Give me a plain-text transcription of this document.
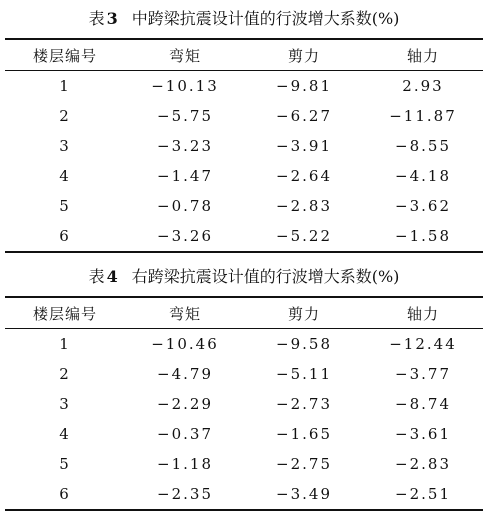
表 3 中跨梁抗震设计值的行波增大系数(%)
楼层编号	弯矩	剪力	轴力
1	−10.13	−9.81	2.93
2	−5.75	−6.27	−11.87
3	−3.23	−3.91	−8.55
4	−1.47	−2.64	−4.18
5	−0.78	−2.83	−3.62
6	−3.26	−5.22	−1.58
表 4 右跨梁抗震设计值的行波增大系数(%)
楼层编号	弯矩	剪力	轴力
1	−10.46	−9.58	−12.44
2	−4.79	−5.11	−3.77
3	−2.29	−2.73	−8.74
4	−0.37	−1.65	−3.61
5	−1.18	−2.75	−2.83
6	−2.35	−3.49	−2.51
